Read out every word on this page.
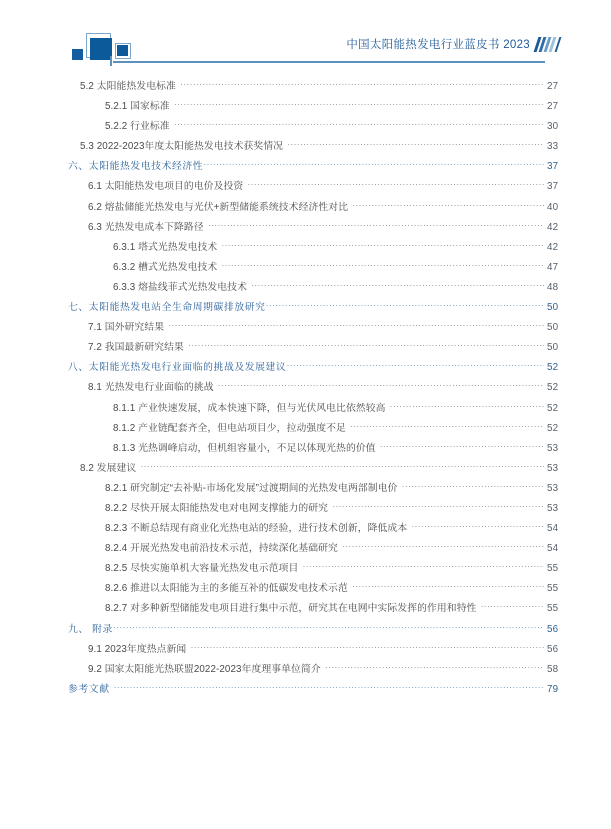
中国太阳能热发电行业蓝皮书 2023
5.2 太阳能热发电标准 ·····	27
5.2.1 国家标准 ·····	27
5.2.2 行业标准 ·····	30
5.3 2022-2023年度太阳能热发电技术获奖情况 ·····	33
六、太阳能热发电技术经济性 ·····	37
6.1 太阳能热发电项目的电价及投资 ·····	37
6.2 熔盐储能光热发电与光伏+新型储能系统技术经济性对比 ·····	40
6.3 光热发电成本下降路径 ·····	42
6.3.1 塔式光热发电技术 ·····	42
6.3.2 槽式光热发电技术 ·····	47
6.3.3 熔盐线菲式光热发电技术 ·····	48
七、太阳能热发电站全生命周期碳排放研究 ·····	50
7.1 国外研究结果 ·····	50
7.2 我国最新研究结果 ·····	50
八、太阳能光热发电行业面临的挑战及发展建议 ·····	52
8.1 光热发电行业面临的挑战 ·····	52
8.1.1 产业快速发展，成本快速下降，但与光伏风电比依然较高 ·····	52
8.1.2 产业链配套齐全，但电站项目少，拉动强度不足 ·····	52
8.1.3 光热调峰启动，但机组容量小，不足以体现光热的价值 ·····	53
8.2 发展建议 ·····	53
8.2.1 研究制定“去补贴-市场化发展”过渡期间的光热发电两部制电价 ·····	53
8.2.2 尽快开展太阳能热发电对电网支撑能力的研究 ·····	53
8.2.3 不断总结现有商业化光热电站的经验，进行技术创新，降低成本 ·····	54
8.2.4 开展光热发电前沿技术示范，持续深化基础研究 ·····	54
8.2.5 尽快实施单机大容量光热发电示范项目 ·····	55
8.2.6 推进以太阳能为主的多能互补的低碳发电技术示范 ·····	55
8.2.7 对多种新型储能发电项目进行集中示范，研究其在电网中实际发挥的作用和特性 ·····	55
九、 附录 ·····	56
9.1 2023年度热点新闻 ·····	56
9.2 国家太阳能光热联盟2022-2023年度理事单位简介 ·····	58
参考文献 ·····	79
